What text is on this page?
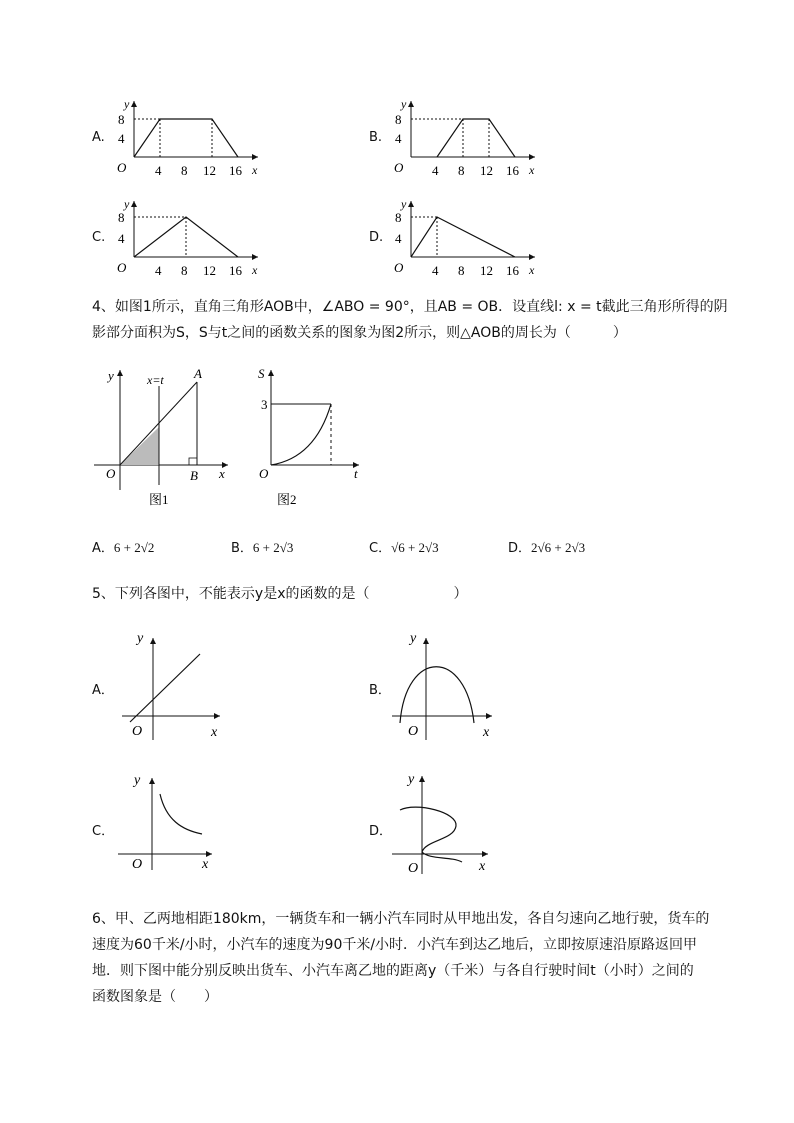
A.	B.
C.	D.
y
8
4
O 4 8 12 16 x
y
8
4
O 4 8 12 16 x
y
8
4
O 4 8 12 16 x
y
8
4
O 4 8 12 16 x
4、如图1所示，直角三角形AOB中，∠ABO = 90°，且AB = OB．设直线l: x = t截此三角形所得的阴
影部分面积为S，S与t之间的函数关系的图象为图2所示，则△AOB的周长为（　　　）
y	x=t A
B
O	x
图1
S
3
O	t
图2
A．6 + 2√2	B．6 + 2√3	C．√6 + 2√3	D．2√6 + 2√3
5、下列各图中，不能表示y是x的函数的是（　　　　　　）
A．
y
O	x
B．
y
O	x
C．
y
O	x
D．
y
O	x
6、甲、乙两地相距180km，一辆货车和一辆小汽车同时从甲地出发，各自匀速向乙地行驶，货车的
速度为60千米/小时，小汽车的速度为90千米/小时．小汽车到达乙地后，立即按原速沿原路返回甲
地．则下图中能分别反映出货车、小汽车离乙地的距离y（千米）与各自行驶时间t（小时）之间的
函数图象是（　　）
